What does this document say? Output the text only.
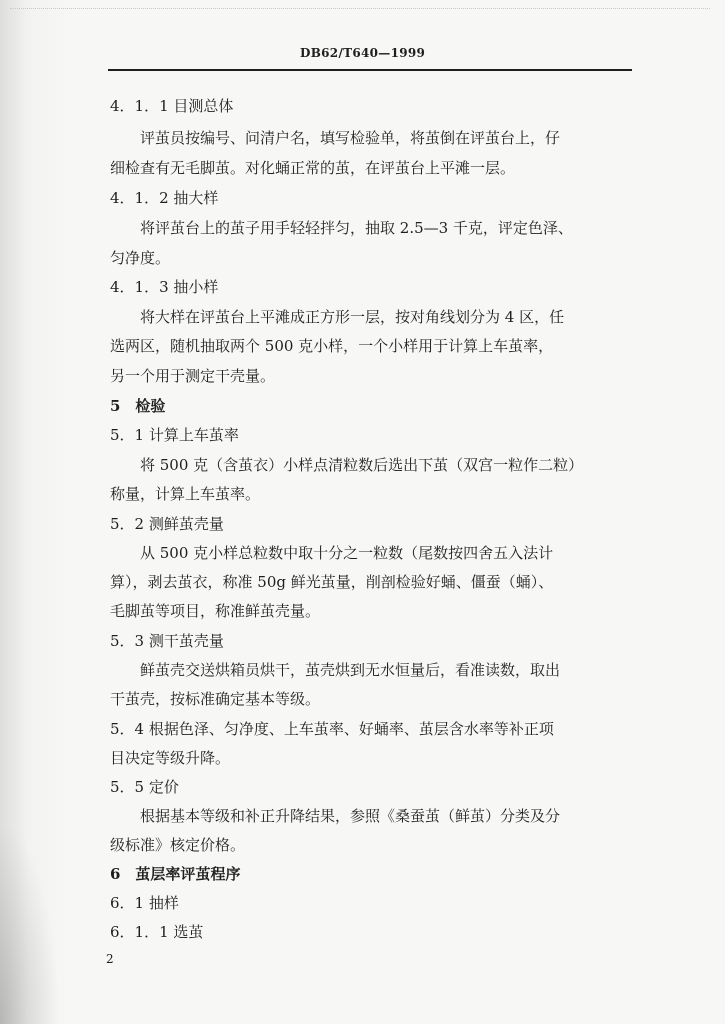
DB62/T640—1999
4．1．1 目测总体
评茧员按编号、问清户名，填写检验单，将茧倒在评茧台上，仔
细检查有无毛脚茧。对化蛹正常的茧，在评茧台上平滩一层。
4．1．2 抽大样
将评茧台上的茧子用手轻轻拌匀，抽取 2.5—3 千克，评定色泽、
匀净度。
4．1．3 抽小样
将大样在评茧台上平滩成正方形一层，按对角线划分为 4 区，任
选两区，随机抽取两个 500 克小样，一个小样用于计算上车茧率，
另一个用于测定干壳量。
5　检验
5．1 计算上车茧率
将 500 克（含茧衣）小样点清粒数后选出下茧（双宫一粒作二粒）
称量，计算上车茧率。
5．2 测鲜茧壳量
从 500 克小样总粒数中取十分之一粒数（尾数按四舍五入法计
算），剥去茧衣，称准 50g 鲜光茧量，削剖检验好蛹、僵蚕（蛹）、
毛脚茧等项目，称准鲜茧壳量。
5．3 测干茧壳量
鲜茧壳交送烘箱员烘干，茧壳烘到无水恒量后，看准读数，取出
干茧壳，按标准确定基本等级。
5．4 根据色泽、匀净度、上车茧率、好蛹率、茧层含水率等补正项
目决定等级升降。
5．5 定价
根据基本等级和补正升降结果，参照《桑蚕茧（鲜茧）分类及分
级标准》核定价格。
6　茧层率评茧程序
6．1 抽样
6．1．1 选茧
2
